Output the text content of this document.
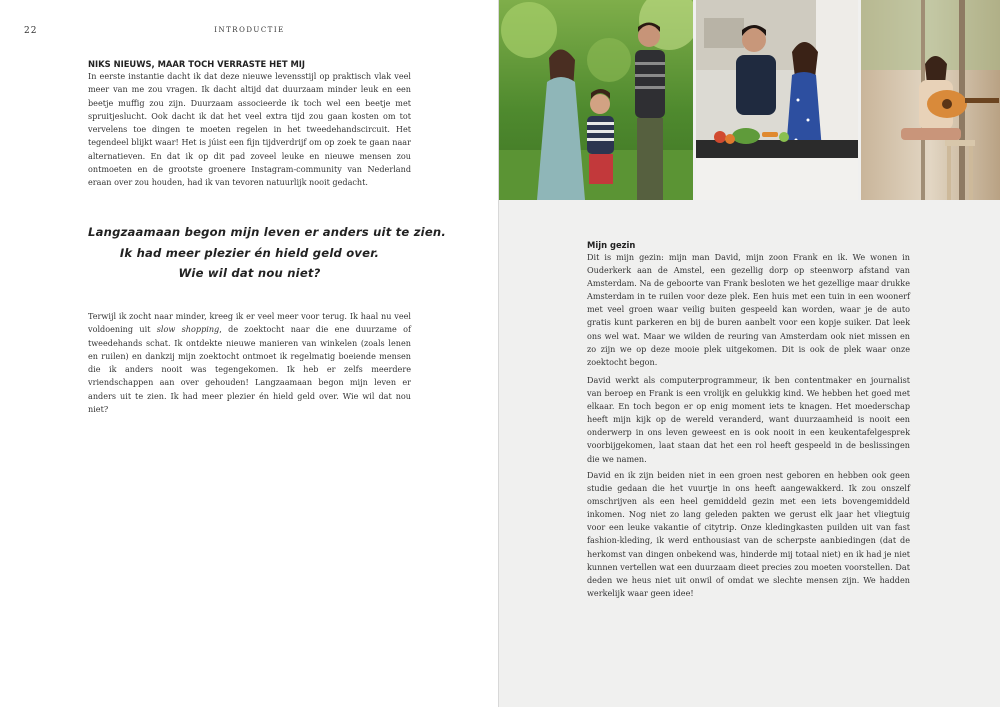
22	INTRODUCTIE
NIKS NIEUWS, MAAR TOCH VERRASTE HET MIJ

In eerste instantie dacht ik dat deze nieuwe levensstijl op praktisch vlak veel meer van me zou vragen. Ik dacht altijd dat duurzaam minder leuk en een beetje muffig zou zijn. Duurzaam associeerde ik toch wel een beetje met spruitjeslucht. Ook dacht ik dat het veel extra tijd zou gaan kosten om tot vervelens toe dingen te moeten regelen in het tweedehandscircuit. Het tegendeel blijkt waar! Het is júist een fijn tijdverdrijf om op zoek te gaan naar alternatieven. En dat ik op dit pad zoveel leuke en nieuwe mensen zou ontmoeten en de grootste groenere Instagram-community van Nederland eraan over zou houden, had ik van tevoren natuurlijk nooit gedacht.

Langzaamaan begon mijn leven er anders uit te zien.
Ik had meer plezier én hield geld over.
Wie wil dat nou niet?

Terwijl ik zocht naar minder, kreeg ik er veel meer voor terug. Ik haal nu veel voldoening uit slow shopping, de zoektocht naar die ene duurzame of tweedehands schat. Ik ontdekte nieuwe manieren van winkelen (zoals lenen en ruilen) en dankzij mijn zoektocht ontmoet ik regelmatig boeiende mensen die ik anders nooit was tegengekomen. Ik heb er zelfs meerdere vriendschappen aan over gehouden! Langzaamaan begon mijn leven er anders uit te zien. Ik had meer plezier én hield geld over. Wie wil dat nou niet?

Mijn gezin

Dit is mijn gezin: mijn man David, mijn zoon Frank en ik. We wonen in Ouderkerk aan de Amstel, een gezellig dorp op steenworp afstand van Amsterdam. Na de geboorte van Frank besloten we het gezellige maar drukke Amsterdam in te ruilen voor deze plek. Een huis met een tuin in een woonerf met veel groen waar veilig buiten gespeeld kan worden, waar je de auto gratis kunt parkeren en bij de buren aanbelt voor een kopje suiker. Dat leek ons wel wat. Maar we wilden de reuring van Amsterdam ook niet missen en zo zijn we op deze mooie plek uitgekomen. Dit is ook de plek waar onze zoektocht begon.

David werkt als computerprogrammeur, ik ben contentmaker en journalist van beroep en Frank is een vrolijk en gelukkig kind. We hebben het goed met elkaar. En toch begon er op enig moment iets te knagen. Het moederschap heeft mijn kijk op de wereld veranderd, want duurzaamheid is nooit een onderwerp in ons leven geweest en is ook nooit in een keukentafelgesprek voorbijgekomen, laat staan dat het een rol heeft gespeeld in de beslissingen die we namen.

David en ik zijn beiden niet in een groen nest geboren en hebben ook geen studie gedaan die het vuurtje in ons heeft aangewakkerd. Ik zou onszelf omschrijven als een heel gemiddeld gezin met een iets bovengemiddeld inkomen. Nog niet zo lang geleden pakten we gerust elk jaar het vliegtuig voor een leuke vakantie of citytrip. Onze kledingkasten puilden uit van fast fashion-kleding, ik werd enthousiast van de scherpste aanbiedingen (dat de herkomst van dingen onbekend was, hinderde mij totaal niet) en ik had je niet kunnen vertellen wat een duurzaam dieet precies zou moeten voorstellen. Dat deden we heus niet uit onwil of omdat we slechte mensen zijn. We hadden werkelijk waar geen idee!
